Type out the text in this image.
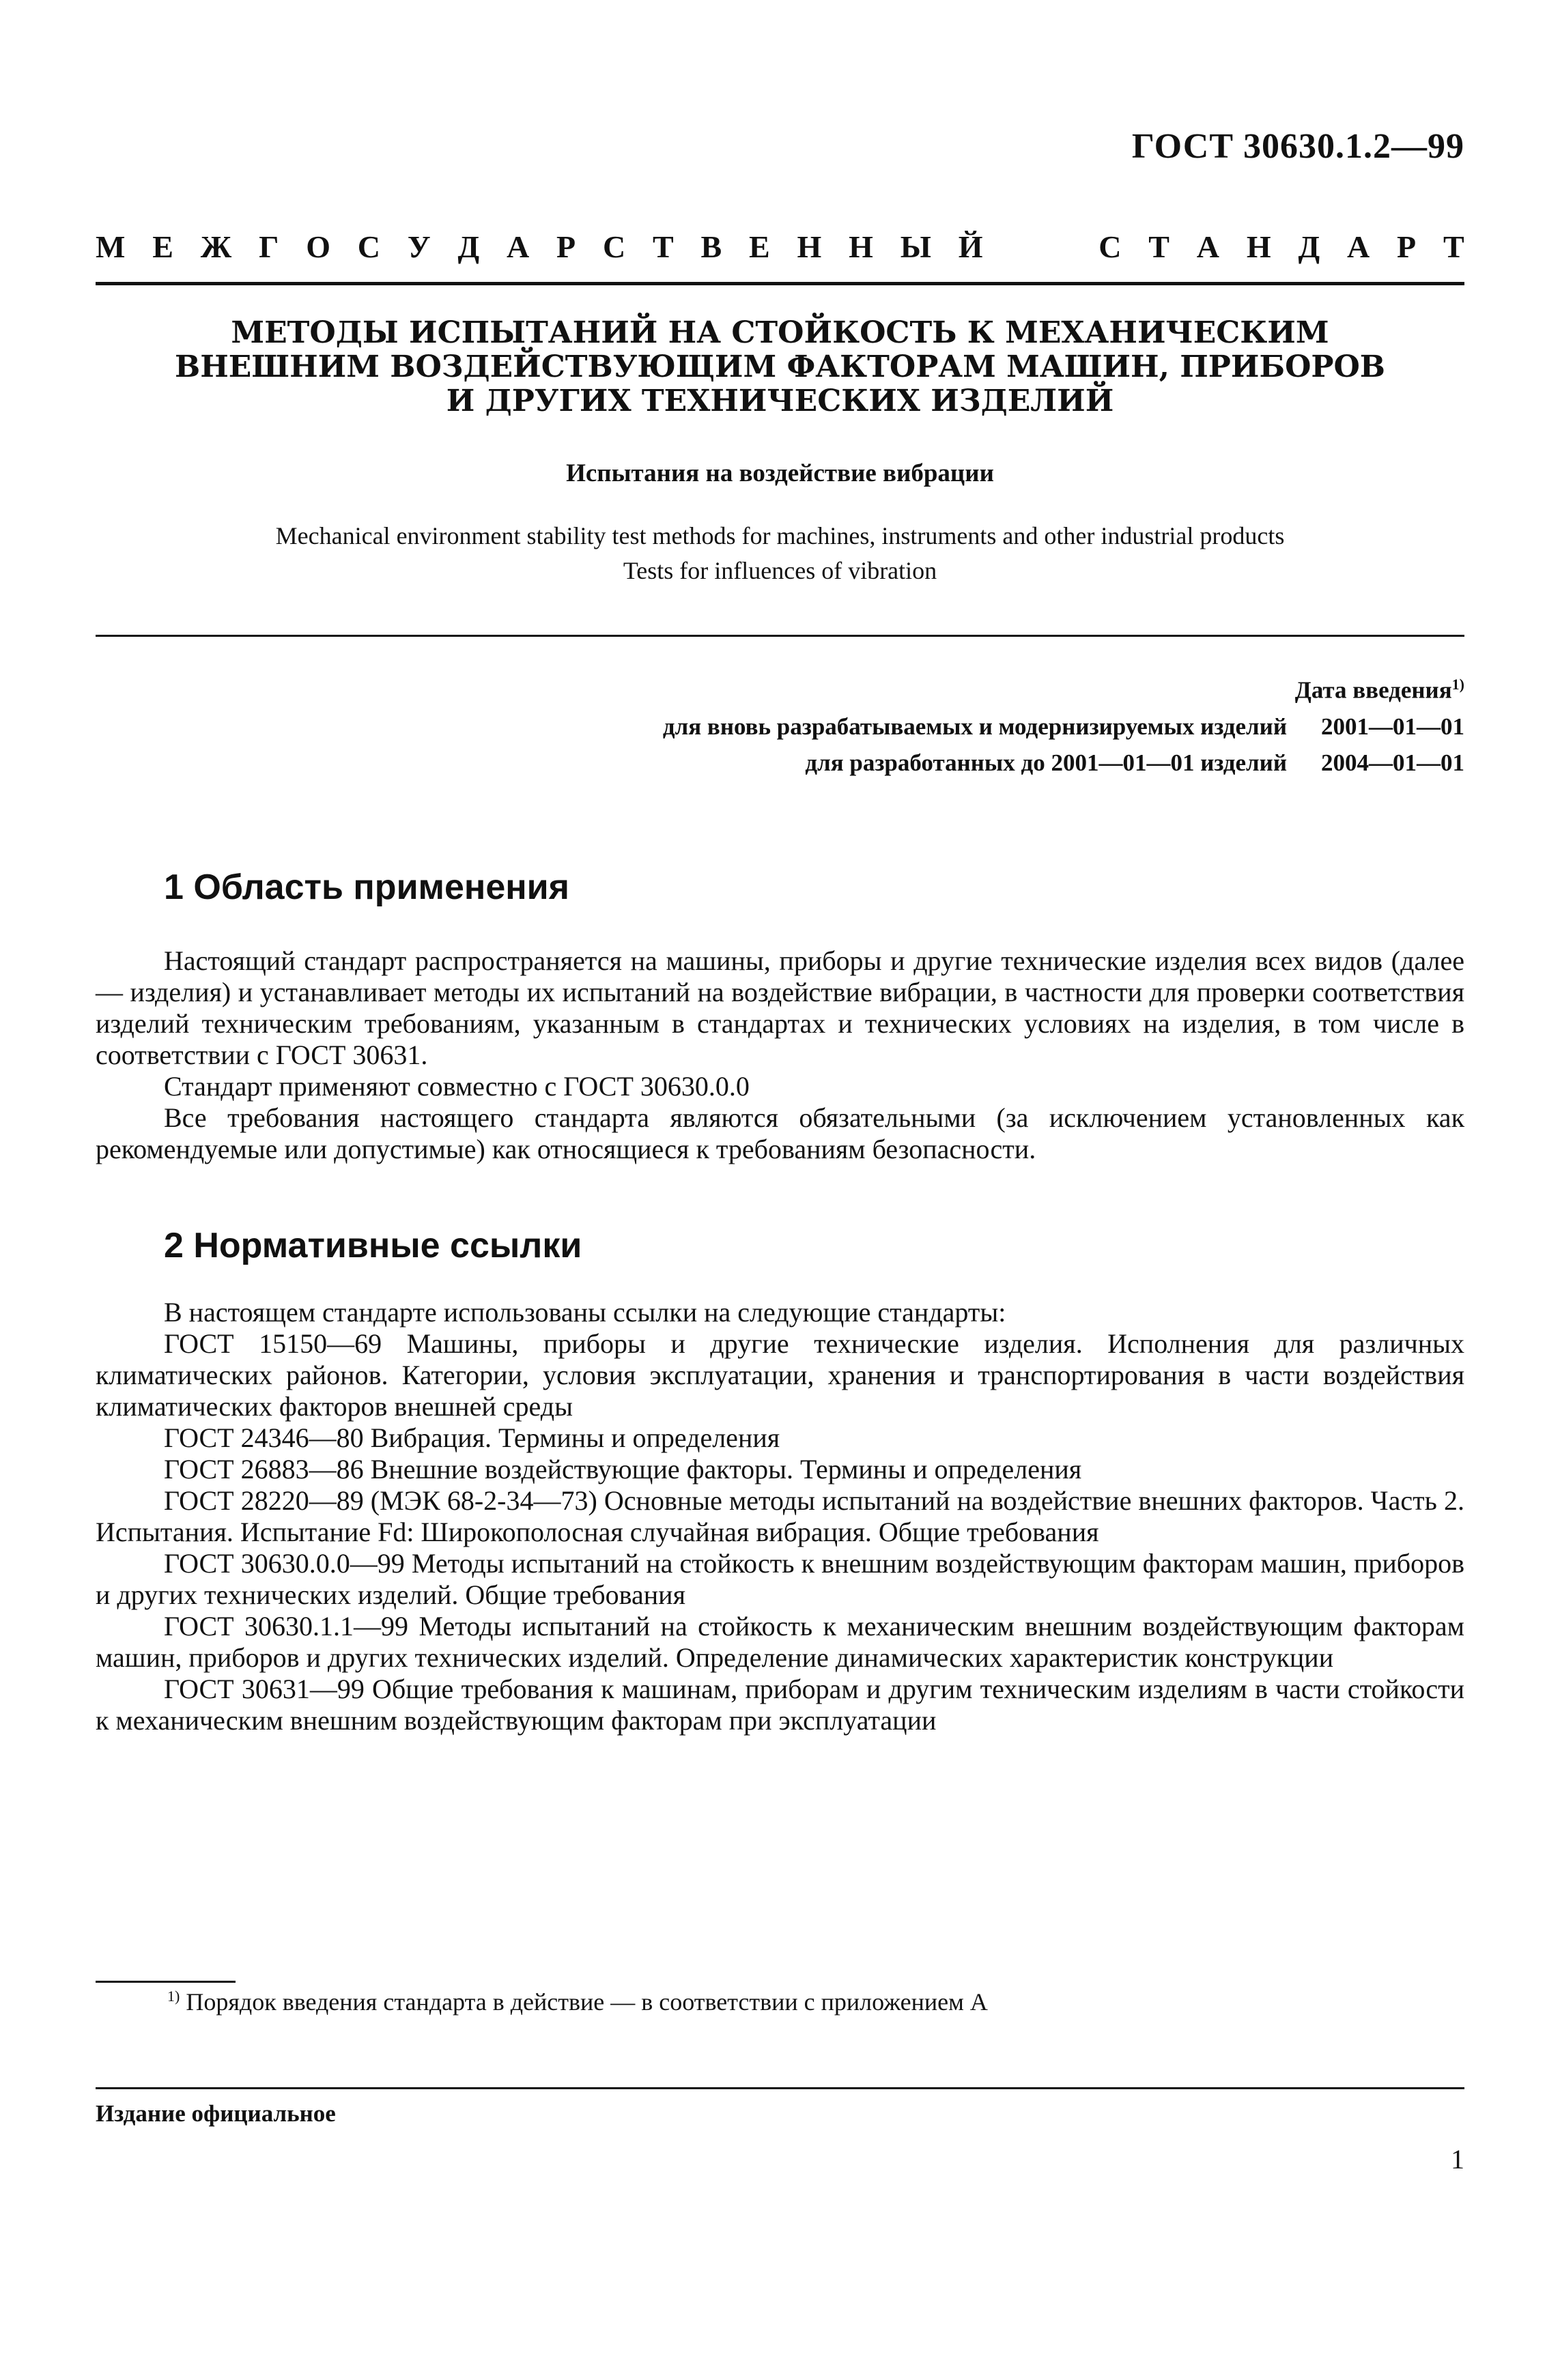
ГОСТ 30630.1.2—99
М Е Ж Г О С У Д А Р С Т В Е Н Н Ы Й	С Т А Н Д А Р Т
МЕТОДЫ ИСПЫТАНИЙ НА СТОЙКОСТЬ К МЕХАНИЧЕСКИМ ВНЕШНИМ ВОЗДЕЙСТВУЮЩИМ ФАКТОРАМ МАШИН, ПРИБОРОВ И ДРУГИХ ТЕХНИЧЕСКИХ ИЗДЕЛИЙ
Испытания на воздействие вибрации
Mechanical environment stability test methods for machines, instruments and other industrial products
Tests for influences of vibration
Дата введения$^{1)}$
для вновь разрабатываемых и модернизируемых изделий	2001—01—01
для разработанных до 2001—01—01 изделий	2004—01—01
1 Область применения

Настоящий стандарт распространяется на машины, приборы и другие технические изделия всех видов (далее — изделия) и устанавливает методы их испытаний на воздействие вибрации, в частности для проверки соответствия изделий техническим требованиям, указанным в стандартах и технических условиях на изделия, в том числе в соответствии с ГОСТ 30631.

Стандарт применяют совместно с ГОСТ 30630.0.0

Все требования настоящего стандарта являются обязательными (за исключением установленных как рекомендуемые или допустимые) как относящиеся к требованиям безопасности.

2 Нормативные ссылки

В настоящем стандарте использованы ссылки на следующие стандарты:

ГОСТ 15150—69 Машины, приборы и другие технические изделия. Исполнения для различных климатических районов. Категории, условия эксплуатации, хранения и транспортирования в части воздействия климатических факторов внешней среды

ГОСТ 24346—80 Вибрация. Термины и определения

ГОСТ 26883—86 Внешние воздействующие факторы. Термины и определения

ГОСТ 28220—89 (МЭК 68-2-34—73) Основные методы испытаний на воздействие внешних факторов. Часть 2. Испытания. Испытание Fd: Широкополосная случайная вибрация. Общие требования

ГОСТ 30630.0.0—99 Методы испытаний на стойкость к внешним воздействующим факторам машин, приборов и других технических изделий. Общие требования

ГОСТ 30630.1.1—99 Методы испытаний на стойкость к механическим внешним воздействующим факторам машин, приборов и других технических изделий. Определение динамических характеристик конструкции

ГОСТ 30631—99 Общие требования к машинам, приборам и другим техническим изделиям в части стойкости к механическим внешним воздействующим факторам при эксплуатации

$^{1)}$ Порядок введения стандарта в действие — в соответствии с приложением А
Издание официальное
1
